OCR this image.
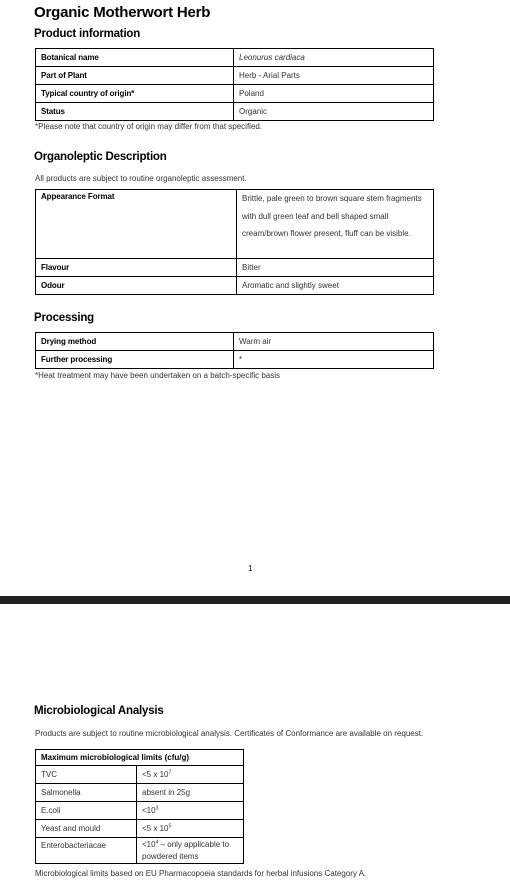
Organic Motherwort Herb
Product information
Botanical name	Leonurus cardiaca
Part of Plant	Herb - Arial Parts
Typical country of origin*	Poland
Status	Organic
*Please note that country of origin may differ from that specified.
Organoleptic Description
All products are subject to routine organoleptic assessment.
Appearance Format	Brittle, pale green to brown square stem fragments with dull green leaf and bell shaped small cream/brown flower present, fluff can be visible.
Flavour	Bitter
Odour	Aromatic and slightly sweet
Processing
Drying method	Warm air
Further processing	*
*Heat treatment may have been undertaken on a batch-specific basis
1
Microbiological Analysis
Products are subject to routine microbiological analysis. Certificates of Conformance are available on request.
Maximum microbiological limits (cfu/g)	
TVC	<5 x $10^7$
Salmonella	absent in 25g
E.coli	$<10^3$
Yeast and mould	<5 x $10^5$
Enterobacteriacae	$<10^4$ – only applicable to powdered items
Microbiological limits based on EU Pharmacopoeia standards for herbal infusions Category A.
